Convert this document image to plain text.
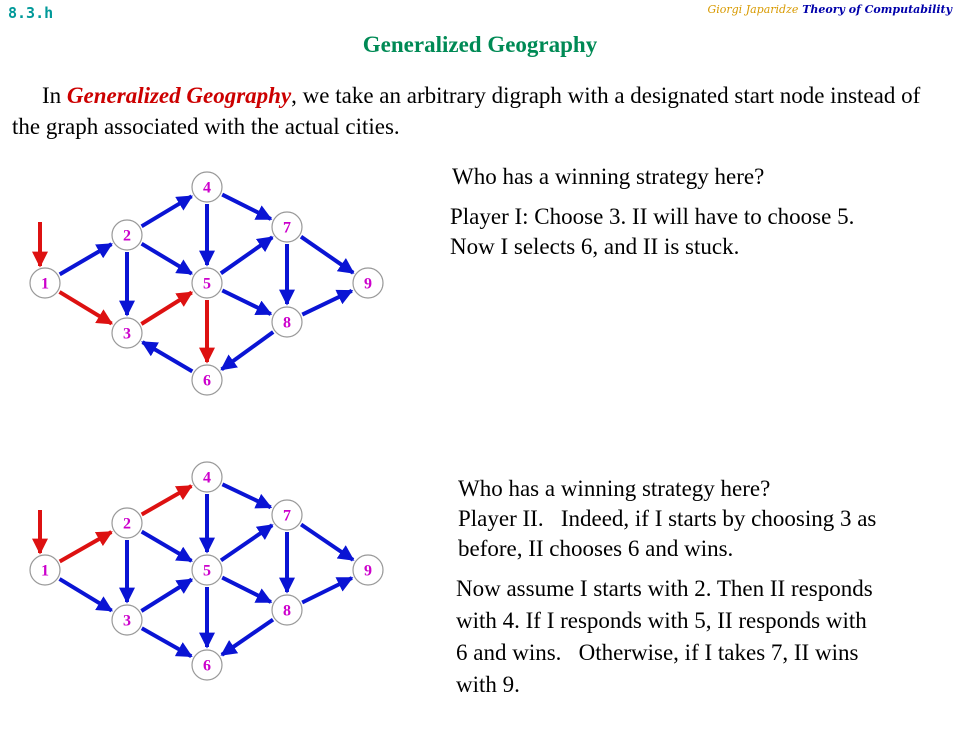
8.3.h	Giorgi Japaridze Theory of Computability
Generalized Geography
In Generalized Geography, we take an arbitrary digraph with a designated start node instead of the graph associated with the actual cities.
1
2
3
4
5
6
7
8
9
1
2
3
4
5
6
7
8
9
Who has a winning strategy here?
Player I: Choose 3. II will have to choose 5.
Now I selects 6, and II is stuck.
Who has a winning strategy here?
Player II.   Indeed, if I starts by choosing 3 as
before, II chooses 6 and wins.
Now assume I starts with 2. Then II responds
with 4. If I responds with 5, II responds with
6 and wins.   Otherwise, if I takes 7, II wins
with 9.
